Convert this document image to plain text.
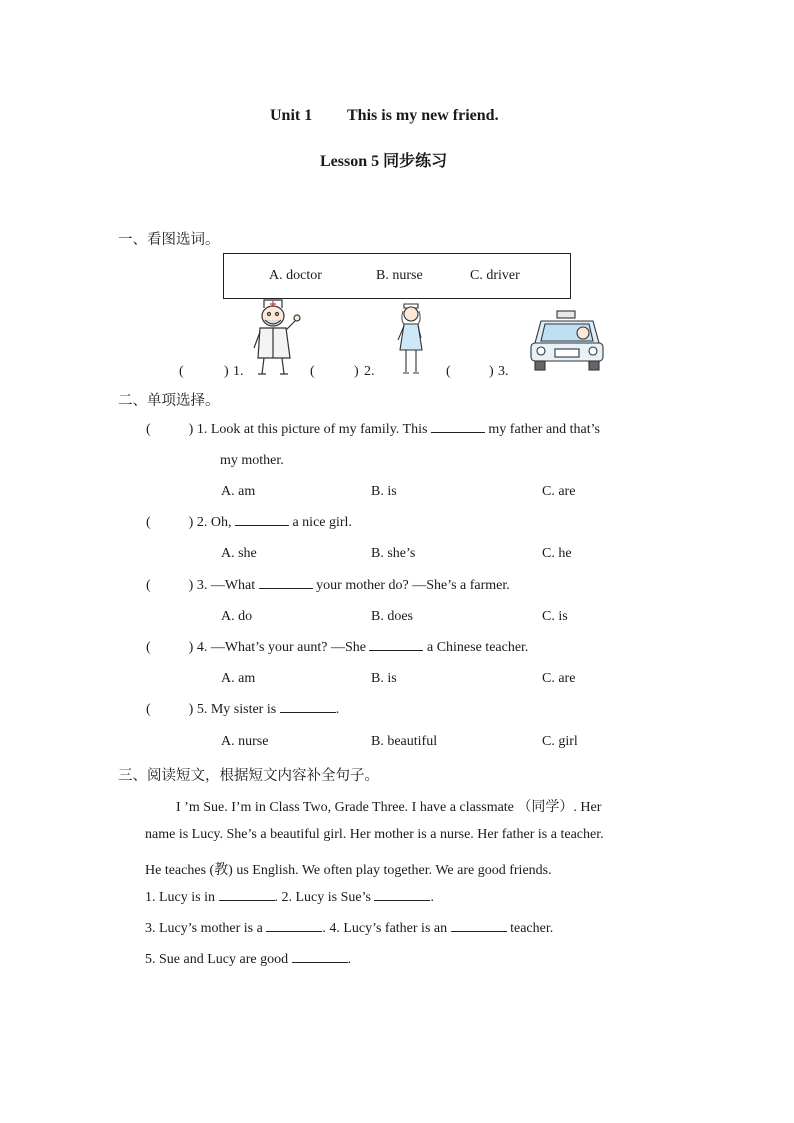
Unit 1 This is my new friend.
Lesson 5 同步练习
一、看图选词。
A. doctor	B. nurse	C. driver
(	) 1.	(	) 2.	(	) 3.
二、单项选择。
(	) 1. Look at this picture of my family. This	my father and that’s
my mother.
A. am	B. is	C. are
(	) 2. Oh,	a nice girl.
A. she	B. she’s	C. he
(	) 3. —What	your mother do? —She’s a farmer.
A. do	B. does	C. is
(	) 4. —What’s your aunt? —She	a Chinese teacher.
A. am	B. is	C. are
(	) 5. My sister is	.
A. nurse	B. beautiful	C. girl
三、阅读短文，根据短文内容补全句子。
I ’m Sue. I’m in Class Two, Grade Three. I have a classmate （同学）. Her
name is Lucy. She’s a beautiful girl. Her mother is a nurse. Her father is a teacher.
He teaches (教) us English. We often play together. We are good friends.
1. Lucy is in	. 2. Lucy is Sue’s	.
3. Lucy’s mother is a	. 4. Lucy’s father is an	teacher.
5. Sue and Lucy are good	.
